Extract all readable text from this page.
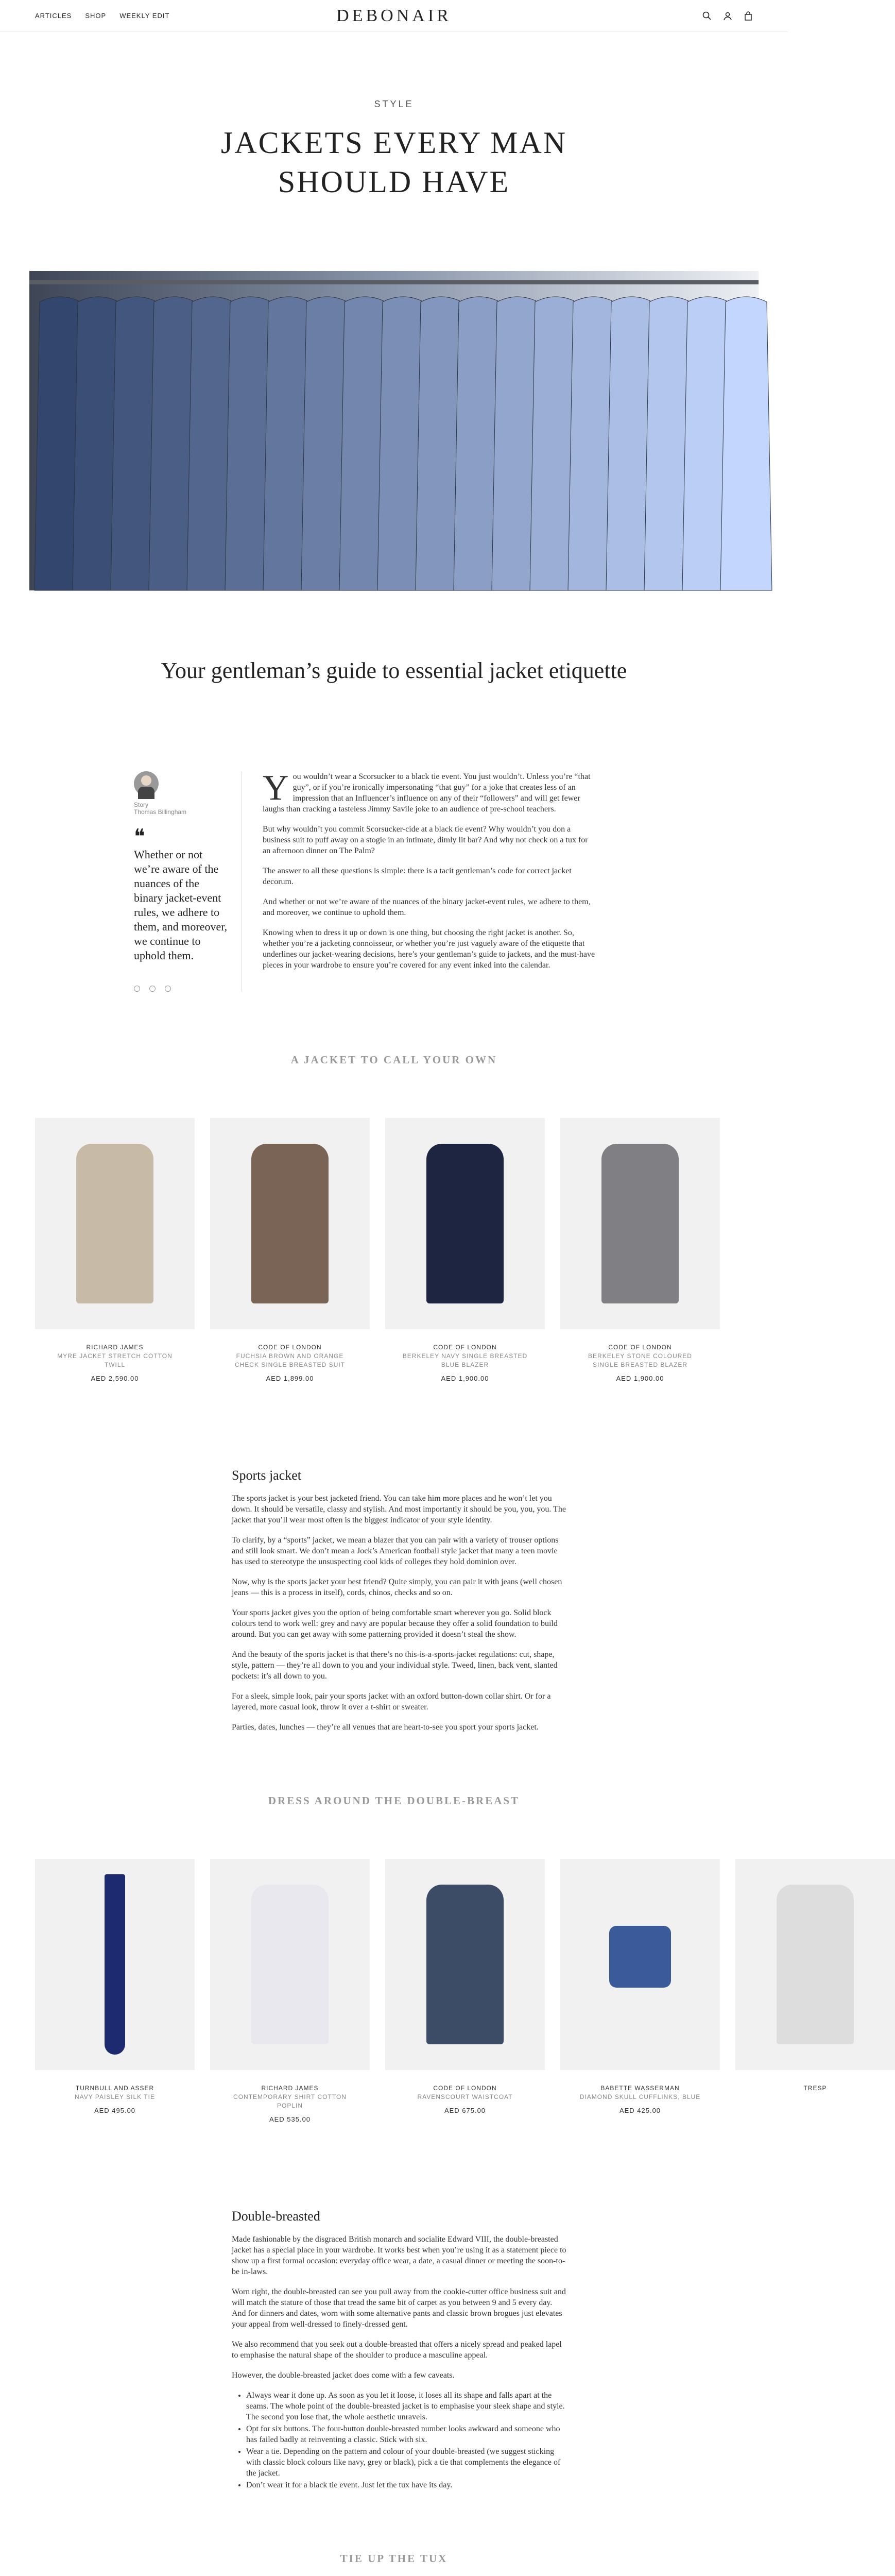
ARTICLES SHOP WEEKLY EDIT	DEBONAIR
STYLE
JACKETS EVERY MAN SHOULD HAVE
Your gentleman’s guide to essential jacket etiquette
Story
Thomas Billingham
❝
Whether or not we’re aware of the nuances of the binary jacket-event rules, we adhere to them, and moreover, we continue to uphold them.
Y ou wouldn’t wear a Scorsucker to a black tie event. You just wouldn’t. Unless you’re “that guy”, or if you’re ironically impersonating “that guy” for a joke that creates less of an impression that an Influencer’s influence on any of their “followers” and will get fewer laughs than cracking a tasteless Jimmy Savile joke to an audience of pre-school teachers.

But why wouldn’t you commit Scorsucker-cide at a black tie event? Why wouldn’t you don a business suit to puff away on a stogie in an intimate, dimly lit bar? And why not check on a tux for an afternoon dinner on The Palm?

The answer to all these questions is simple: there is a tacit gentleman’s code for correct jacket decorum.

And whether or not we’re aware of the nuances of the binary jacket-event rules, we adhere to them, and moreover, we continue to uphold them.

Knowing when to dress it up or down is one thing, but choosing the right jacket is another. So, whether you’re a jacketing connoisseur, or whether you’re just vaguely aware of the etiquette that underlines our jacket-wearing decisions, here’s your gentleman’s guide to jackets, and the must-have pieces in your wardrobe to ensure you’re covered for any event inked into the calendar.

A JACKET TO CALL YOUR OWN
RICHARD JAMES
MYRE JACKET STRETCH COTTON TWILL
AED 2,590.00
CODE OF LONDON
FUCHSIA BROWN AND ORANGE CHECK SINGLE BREASTED SUIT
AED 1,899.00
CODE OF LONDON
BERKELEY NAVY SINGLE BREASTED BLUE BLAZER
AED 1,900.00
CODE OF LONDON
BERKELEY STONE COLOURED SINGLE BREASTED BLAZER
AED 1,900.00
Sports jacket

The sports jacket is your best jacketed friend. You can take him more places and he won’t let you down. It should be versatile, classy and stylish. And most importantly it should be you, you, you. The jacket that you’ll wear most often is the biggest indicator of your style identity.

To clarify, by a “sports” jacket, we mean a blazer that you can pair with a variety of trouser options and still look smart. We don’t mean a Jock’s American football style jacket that many a teen movie has used to stereotype the unsuspecting cool kids of colleges they hold dominion over.

Now, why is the sports jacket your best friend? Quite simply, you can pair it with jeans (well chosen jeans — this is a process in itself), cords, chinos, checks and so on.

Your sports jacket gives you the option of being comfortable smart wherever you go. Solid block colours tend to work well: grey and navy are popular because they offer a solid foundation to build around. But you can get away with some patterning provided it doesn’t steal the show.

And the beauty of the sports jacket is that there’s no this-is-a-sports-jacket regulations: cut, shape, style, pattern — they’re all down to you and your individual style. Tweed, linen, back vent, slanted pockets: it’s all down to you.

For a sleek, simple look, pair your sports jacket with an oxford button-down collar shirt. Or for a layered, more casual look, throw it over a t-shirt or sweater.

Parties, dates, lunches — they’re all venues that are heart-to-see you sport your sports jacket.

DRESS AROUND THE DOUBLE-BREAST
TURNBULL AND ASSER
NAVY PAISLEY SILK TIE
AED 495.00
RICHARD JAMES
CONTEMPORARY SHIRT COTTON POPLIN
AED 535.00
CODE OF LONDON
RAVENSCOURT WAISTCOAT
AED 675.00
BABETTE WASSERMAN
DIAMOND SKULL CUFFLINKS, BLUE
AED 425.00
TRESP
Double-breasted

Made fashionable by the disgraced British monarch and socialite Edward VIII, the double-breasted jacket has a special place in your wardrobe. It works best when you’re using it as a statement piece to show up a first formal occasion: everyday office wear, a date, a casual dinner or meeting the soon-to-be in-laws.

Worn right, the double-breasted can see you pull away from the cookie-cutter office business suit and will match the stature of those that tread the same bit of carpet as you between 9 and 5 every day. And for dinners and dates, worn with some alternative pants and classic brown brogues just elevates your appeal from well-dressed to finely-dressed gent.

We also recommend that you seek out a double-breasted that offers a nicely spread and peaked lapel to emphasise the natural shape of the shoulder to produce a masculine appeal.

However, the double-breasted jacket does come with a few caveats.

• Always wear it done up. As soon as you let it loose, it loses all its shape and falls apart at the seams. The whole point of the double-breasted jacket is to emphasise your sleek shape and style. The second you lose that, the whole aesthetic unravels.
• Opt for six buttons. The four-button double-breasted number looks awkward and someone who has failed badly at reinventing a classic. Stick with six.
• Wear a tie. Depending on the pattern and colour of your double-breasted (we suggest sticking with classic block colours like navy, grey or black), pick a tie that complements the elegance of the jacket.
• Don’t wear it for a black tie event. Just let the tux have its day.
TIE UP THE TUX
